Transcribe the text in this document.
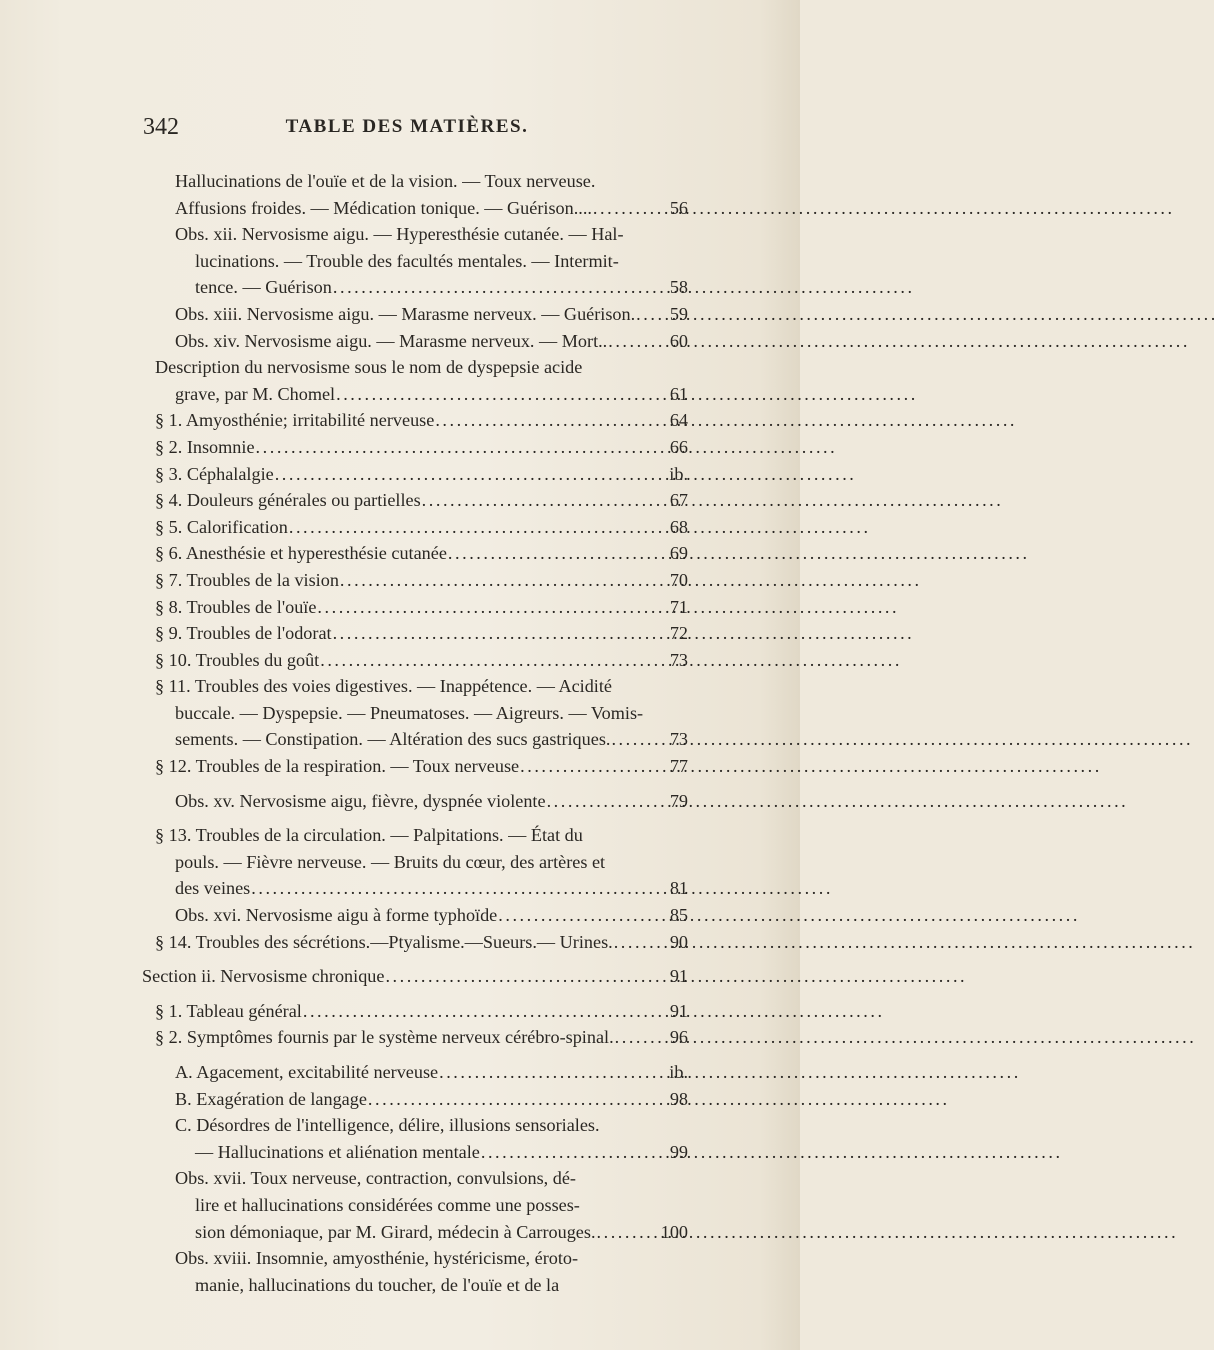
342	TABLE DES MATIÈRES.
Hallucinations de l'ouïe et de la vision. — Toux nerveuse.
Affusions froides. — Médication tonique. — Guérison.... . . .	56
Obs. xii. Nervosisme aigu. — Hyperesthésie cutanée. — Hal-
lucinations. — Trouble des facultés mentales. — Intermit-
tence. — Guérison . . .	58
Obs. xiii. Nervosisme aigu. — Marasme nerveux. — Guérison. . . .	59
Obs. xiv. Nervosisme aigu. — Marasme nerveux. — Mort.. . . .	60
Description du nervosisme sous le nom de dyspepsie acide
grave, par M. Chomel . . .	61
§ 1. Amyosthénie; irritabilité nerveuse . . .	64
§ 2. Insomnie . . .	66
§ 3. Céphalalgie . . .	ib.
§ 4. Douleurs générales ou partielles . . .	67
§ 5. Calorification . . .	68
§ 6. Anesthésie et hyperesthésie cutanée . . .	69
§ 7. Troubles de la vision . . .	70
§ 8. Troubles de l'ouïe . . .	71
§ 9. Troubles de l'odorat . . .	72
§ 10. Troubles du goût . . .	73
§ 11. Troubles des voies digestives. — Inappétence. — Acidité
buccale. — Dyspepsie. — Pneumatoses. — Aigreurs. — Vomis-
sements. — Constipation. — Altération des sucs gastriques. . . .	73
§ 12. Troubles de la respiration. — Toux nerveuse . . .	77
Obs. xv. Nervosisme aigu, fièvre, dyspnée violente . . .	79
§ 13. Troubles de la circulation. — Palpitations. — État du
pouls. — Fièvre nerveuse. — Bruits du cœur, des artères et
des veines . . .	81
Obs. xvi. Nervosisme aigu à forme typhoïde . . .	85
§ 14. Troubles des sécrétions.—Ptyalisme.—Sueurs.— Urines. . . .	90
Section ii. Nervosisme chronique . . .	91
§ 1. Tableau général . . .	91
§ 2. Symptômes fournis par le système nerveux cérébro-spinal. . . .	96
A. Agacement, excitabilité nerveuse . . .	ib.
B. Exagération de langage . . .	98
C. Désordres de l'intelligence, délire, illusions sensoriales.
— Hallucinations et aliénation mentale . . .	99
Obs. xvii. Toux nerveuse, contraction, convulsions, dé-
lire et hallucinations considérées comme une posses-
sion démoniaque, par M. Girard, médecin à Carrouges. . . .	100
Obs. xviii. Insomnie, amyosthénie, hystéricisme, éroto-
manie, hallucinations du toucher, de l'ouïe et de la
